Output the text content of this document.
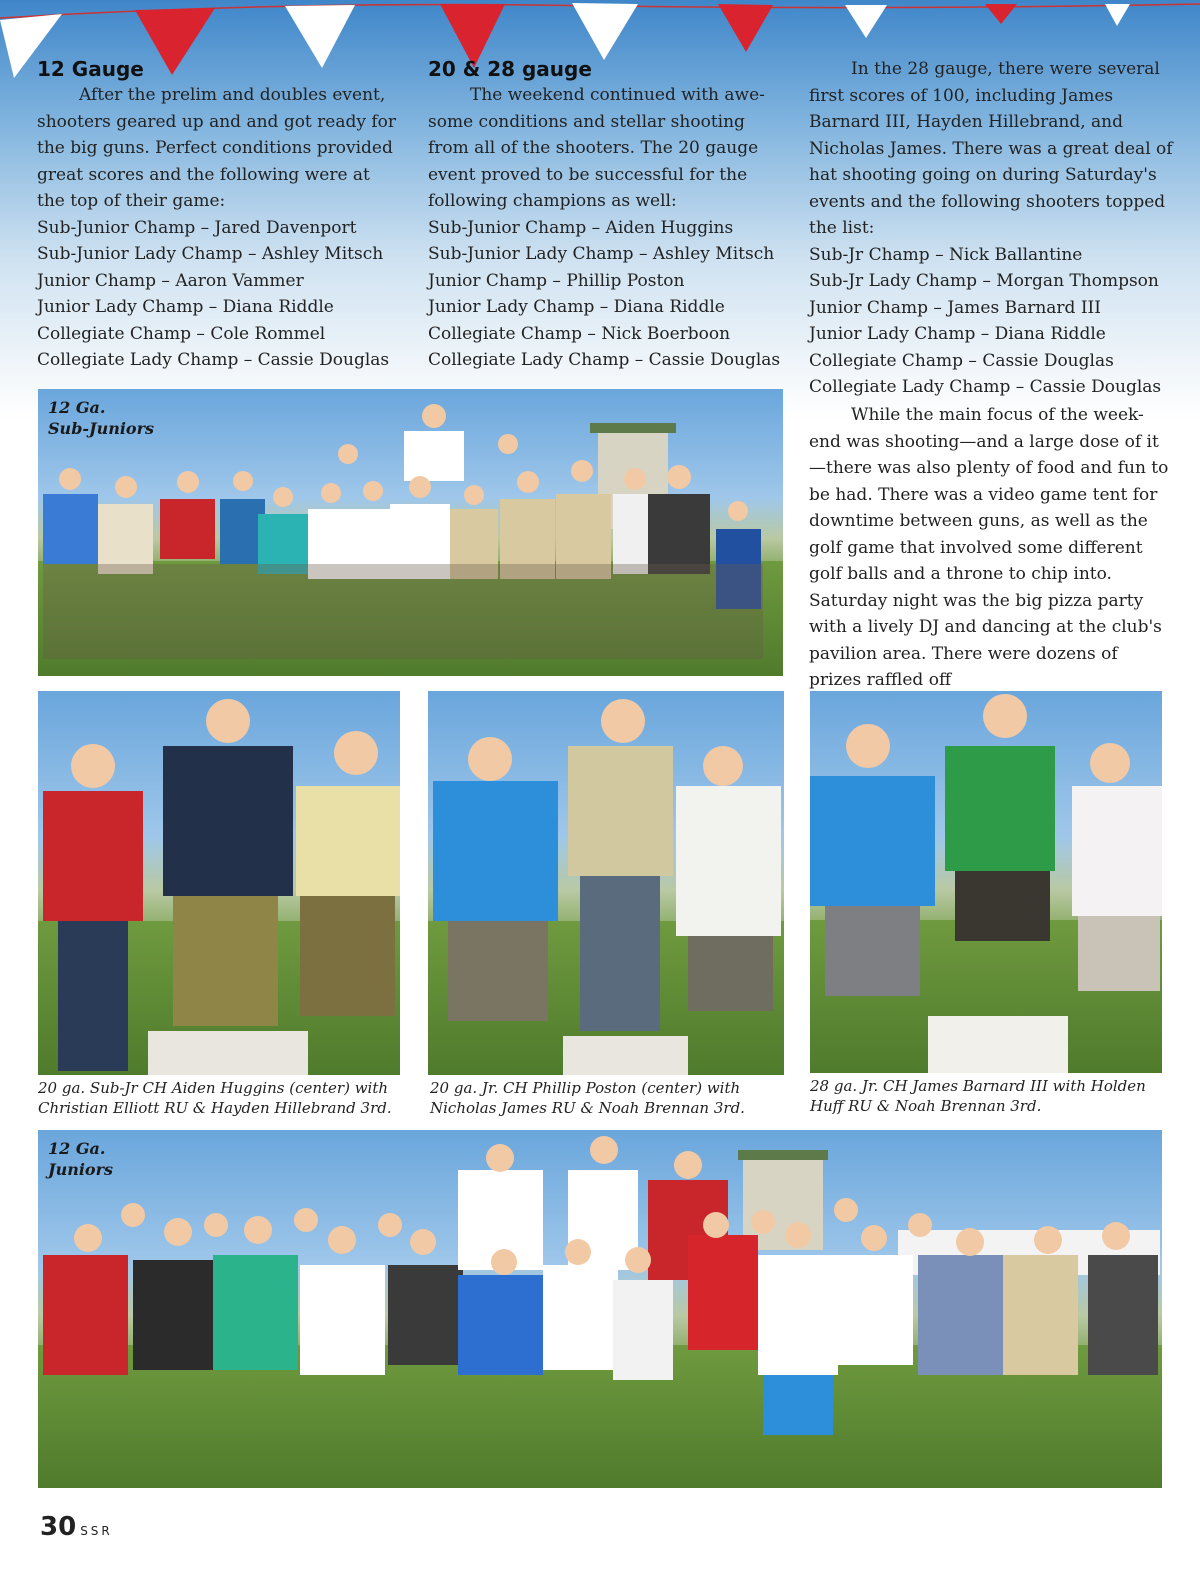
12 Gauge

After the prelim and doubles event, shooters geared up and and got ready for the big guns. Perfect conditions provided great scores and the following were at the top of their game:

Sub-Junior Champ – Jared Davenport
Sub-Junior Lady Champ – Ashley Mitsch
Junior Champ – Aaron Vammer
Junior Lady Champ – Diana Riddle
Collegiate Champ – Cole Rommel
Collegiate Lady Champ – Cassie Douglas
20 & 28 gauge

The weekend continued with awe-some conditions and stellar shooting from all of the shooters. The 20 gauge event proved to be successful for the following champions as well:

Sub-Junior Champ – Aiden Huggins
Sub-Junior Lady Champ – Ashley Mitsch
Junior Champ – Phillip Poston
Junior Lady Champ – Diana Riddle
Collegiate Champ – Nick Boerboon
Collegiate Lady Champ – Cassie Douglas

In the 28 gauge, there were several first scores of 100, including James Barnard III, Hayden Hillebrand, and Nicholas James. There was a great deal of hat shooting going on during Saturday's events and the following shooters topped the list:

Sub-Jr Champ – Nick Ballantine
Sub-Jr Lady Champ – Morgan Thompson
Junior Champ – James Barnard III
Junior Lady Champ – Diana Riddle
Collegiate Champ – Cassie Douglas
Collegiate Lady Champ – Cassie Douglas

While the main focus of the week-end was shooting—and a large dose of it—there was also plenty of food and fun to be had. There was a video game tent for downtime between guns, as well as the golf game that involved some different golf balls and a throne to chip into. Saturday night was the big pizza party with a lively DJ and dancing at the club's pavilion area. There were dozens of prizes raffled off

12 Ga.
Sub-Juniors
20 ga. Sub-Jr CH Aiden Huggins (center) with Christian Elliott RU & Hayden Hillebrand 3rd.
20 ga. Jr. CH Phillip Poston (center) with Nicholas James RU & Noah Brennan 3rd.
28 ga. Jr. CH James Barnard III with Holden Huff RU & Noah Brennan 3rd.
12 Ga.
Juniors
30 SSR
